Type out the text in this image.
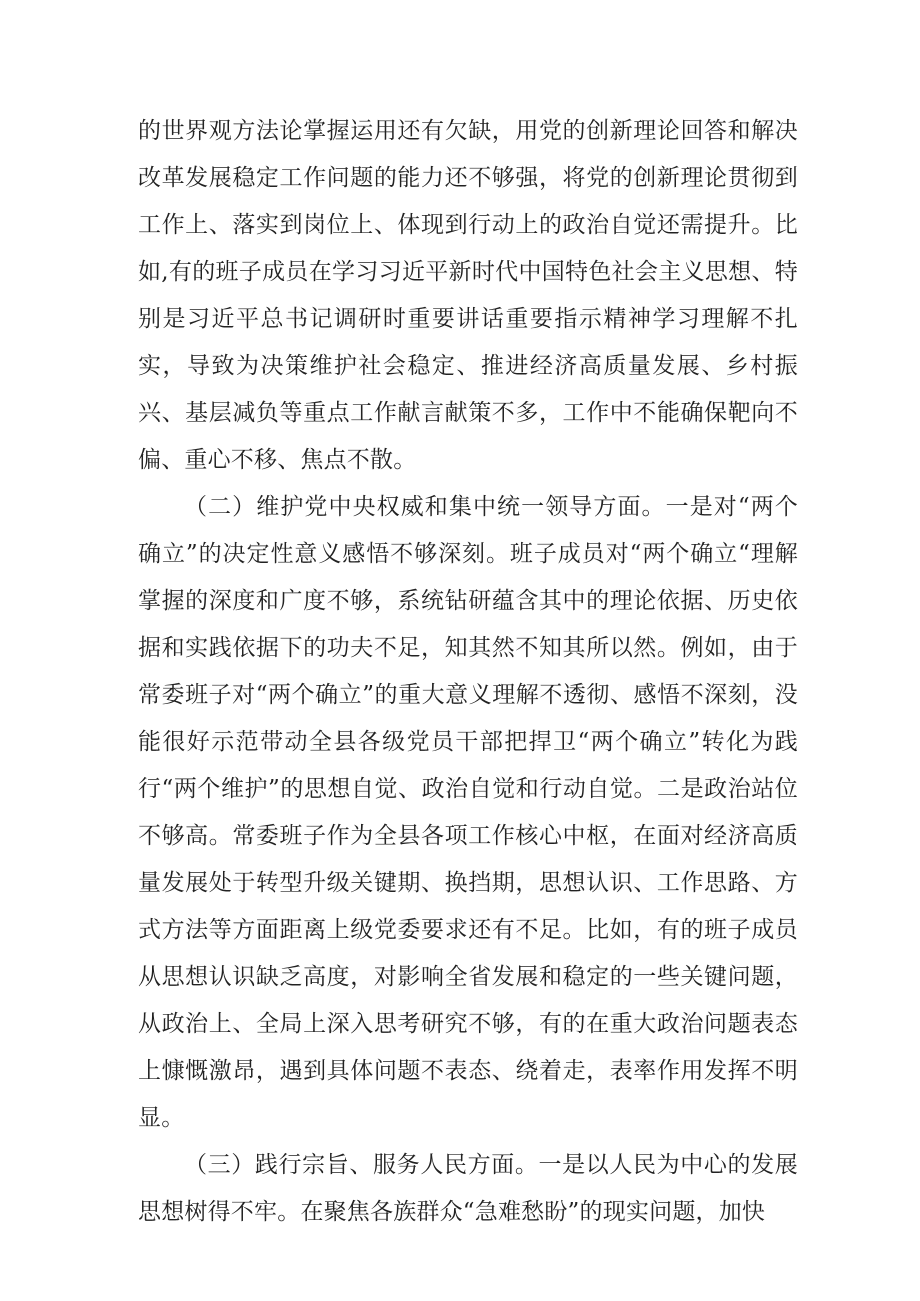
的世界观方法论掌握运用还有欠缺，用党的创新理论回答和解决改革发展稳定工作问题的能力还不够强，将党的创新理论贯彻到工作上、落实到岗位上、体现到行动上的政治自觉还需提升。比如,有的班子成员在学习习近平新时代中国特色社会主义思想、特别是习近平总书记调研时重要讲话重要指示精神学习理解不扎实，导致为决策维护社会稳定、推进经济高质量发展、乡村振兴、基层减负等重点工作献言献策不多，工作中不能确保靶向不偏、重心不移、焦点不散。

（二）维护党中央权威和集中统一领导方面。一是对“两个确立”的决定性意义感悟不够深刻。班子成员对“两个确立“理解掌握的深度和广度不够，系统钻研蕴含其中的理论依据、历史依据和实践依据下的功夫不足，知其然不知其所以然。例如，由于常委班子对“两个确立”的重大意义理解不透彻、感悟不深刻，没能很好示范带动全县各级党员干部把捍卫“两个确立”转化为践行“两个维护”的思想自觉、政治自觉和行动自觉。二是政治站位不够高。常委班子作为全县各项工作核心中枢，在面对经济高质量发展处于转型升级关键期、换挡期，思想认识、工作思路、方式方法等方面距离上级党委要求还有不足。比如，有的班子成员从思想认识缺乏高度，对影响全省发展和稳定的一些关键问题，从政治上、全局上深入思考研究不够，有的在重大政治问题表态上慷慨激昂，遇到具体问题不表态、绕着走，表率作用发挥不明显。

（三）践行宗旨、服务人民方面。一是以人民为中心的发展思想树得不牢。在聚焦各族群众“急难愁盼”的现实问题，加快
